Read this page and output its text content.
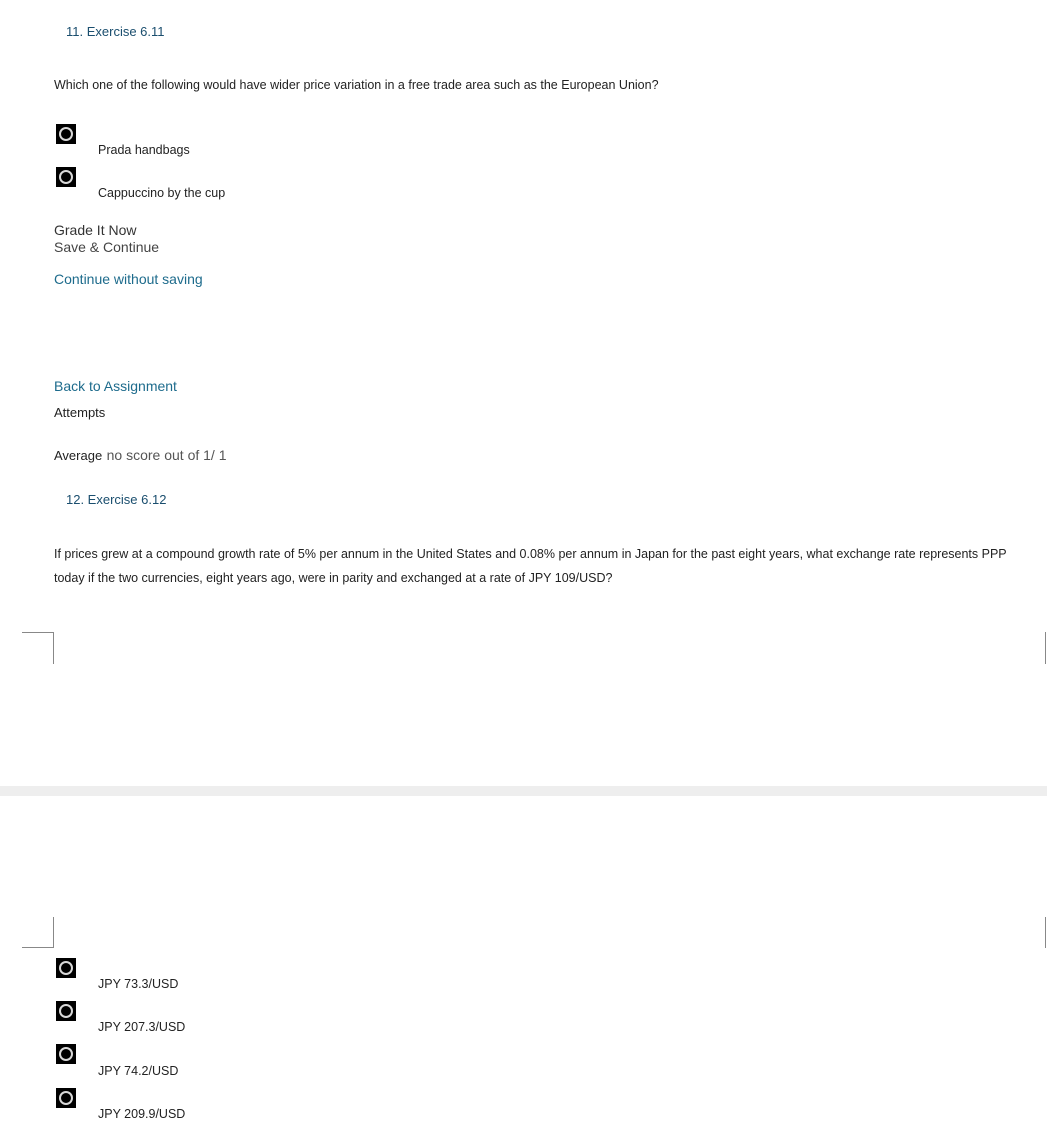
11. Exercise 6.11
Which one of the following would have wider price variation in a free trade area such as the European Union?
Prada handbags
Cappuccino by the cup
Grade It Now
Save & Continue
Continue without saving
Back to Assignment
Attempts
Average no score out of 1/ 1
12. Exercise 6.12
If prices grew at a compound growth rate of 5% per annum in the United States and 0.08% per annum in Japan for the past eight years, what exchange rate represents PPP today if the two currencies, eight years ago, were in parity and exchanged at a rate of JPY 109/USD?
JPY 73.3/USD
JPY 207.3/USD
JPY 74.2/USD
JPY 209.9/USD
